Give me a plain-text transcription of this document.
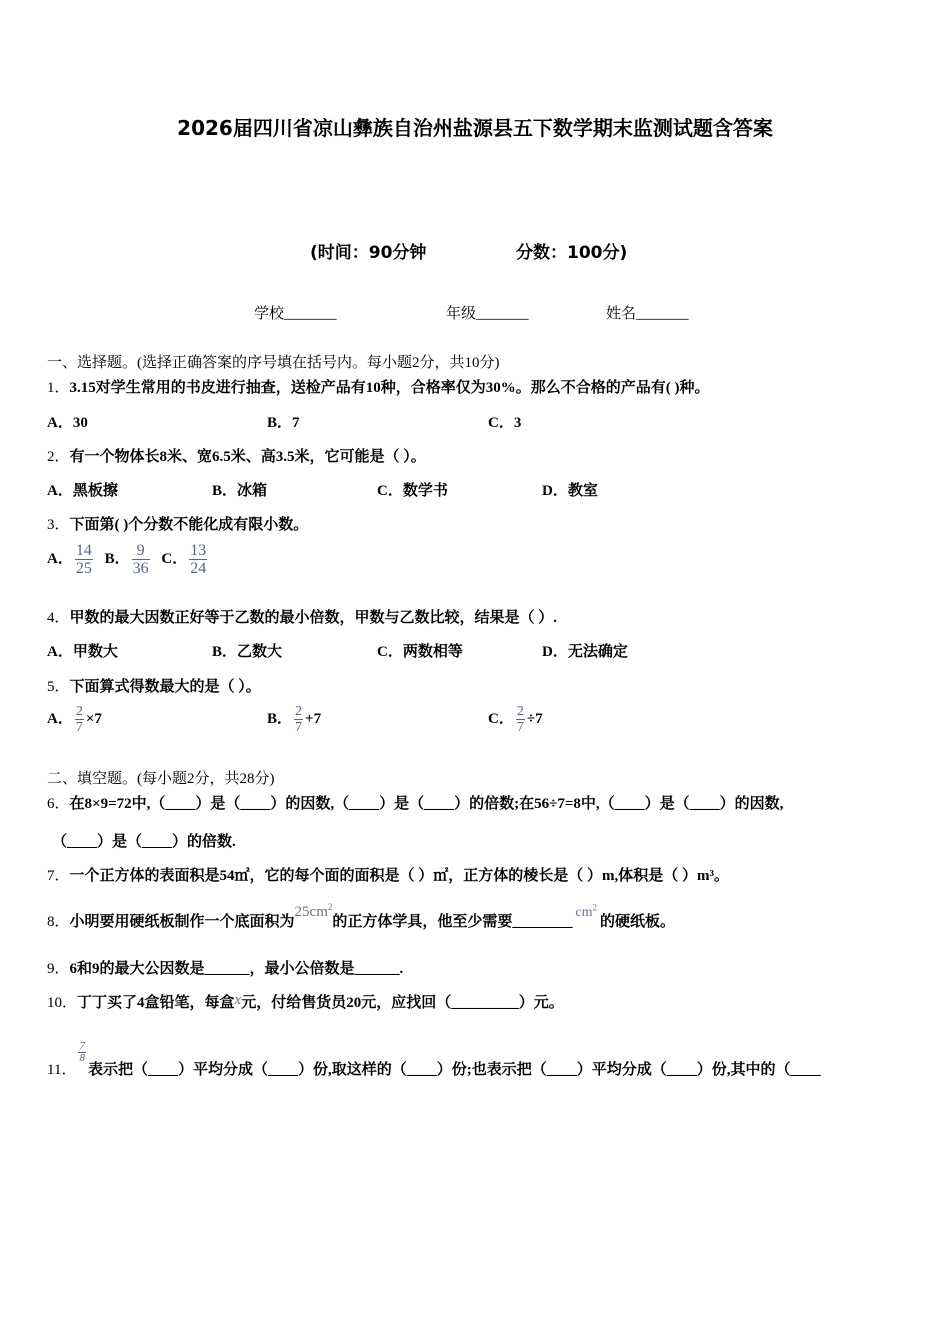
2026届四川省凉山彝族自治州盐源县五下数学期末监测试题含答案
(时间：90分钟	分数：100分)
学校_______	年级_______	姓名_______
一、选择题。(选择正确答案的序号填在括号内。每小题2分，共10分)
1．3.15对学生常用的书皮进行抽查，送检产品有10种，合格率仅为30%。那么不合格的产品有( )种。
A．30	B．7	C．3
2．有一个物体长8米、宽6.5米、高3.5米，它可能是（ ）。
A．黑板擦	B．冰箱	C．数学书	D．教室
3．下面第( )个分数不能化成有限小数。
A． $\frac{14}{25}$ B． $\frac{9}{36}$ C． $\frac{13}{24}$
4．甲数的最大因数正好等于乙数的最小倍数，甲数与乙数比较，结果是（ ）.
A．甲数大	B．乙数大	C．两数相等	D．无法确定
5．下面算式得数最大的是（ ）。
A． $\frac{2}{7} \times 7$	B． $\frac{2}{7} +7$	C． $\frac{2}{7} \div 7$
二、填空题。(每小题2分，共28分)
6．在8×9=72中,（____）是（____）的因数,（____）是（____）的倍数;在56÷7=8中,（____）是（____）的因数,
（____）是（____）的倍数.
7．一个正方体的表面积是54㎡，它的每个面的面积是（ ）㎡，正方体的棱长是（ ）m,体积是（ ）m³。
8．小明要用硬纸板制作一个底面积为$25cm^2$的正方体学具，他至少需要$\_\_\_\_\_\_\_\_cm^2$的硬纸板。
9．6和9的最大公因数是______，最小公倍数是______.
10．丁丁买了4盒铅笔，每盒x元，付给售货员20元，应找回（_________）元。
11．
$\frac{7}{8}$
表示把（____）平均分成（____）份,取这样的（____）份;也表示把（____）平均分成（____）份,其中的（____
